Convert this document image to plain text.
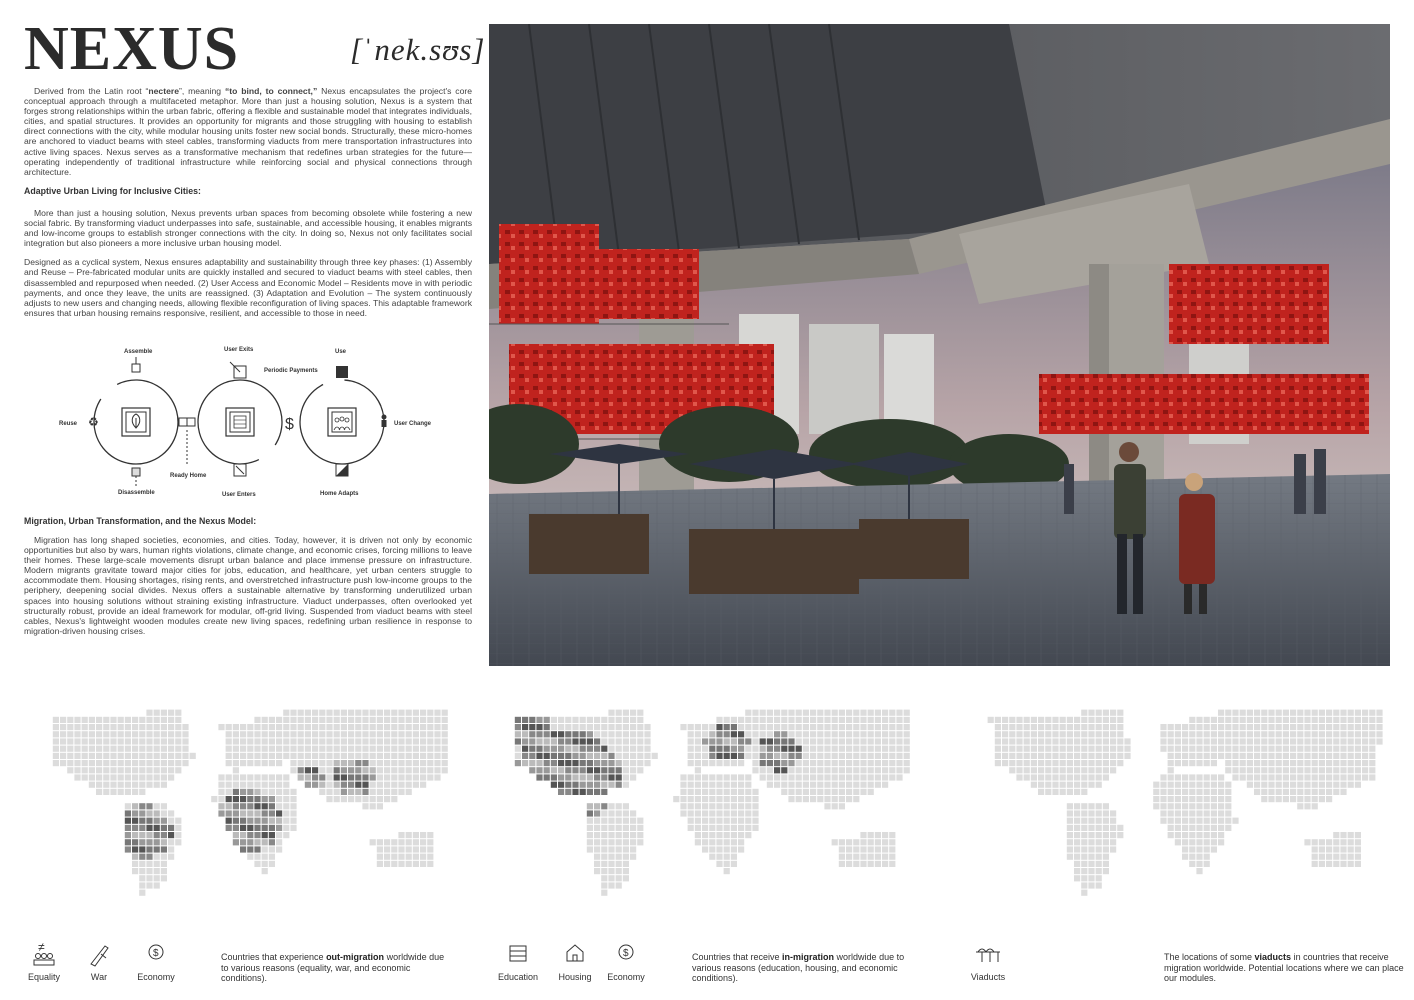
NEXUS	[ˈnek.sʊs]

Derived from the Latin root “nectere”, meaning “to bind, to connect,” Nexus encapsulates the project's core conceptual approach through a multifaceted metaphor. More than just a housing solution, Nexus is a system that forges strong relationships within the urban fabric, offering a flexible and sustainable model that integrates individuals, cities, and spatial structures. It provides an opportunity for migrants and those struggling with housing to establish direct connections with the city, while modular housing units foster new social bonds. Structurally, these micro-homes are anchored to viaduct beams with steel cables, transforming viaducts from mere transportation infrastructures into active living spaces. Nexus serves as a transformative mechanism that redefines urban strategies for the future—operating independently of traditional infrastructure while reinforcing social and physical connections through architecture.

Adaptive Urban Living for Inclusive Cities:

More than just a housing solution, Nexus prevents urban spaces from becoming obsolete while fostering a new social fabric. By transforming viaduct underpasses into safe, sustainable, and accessible housing, it enables migrants and low-income groups to establish stronger connections with the city. In doing so, Nexus not only facilitates social integration but also pioneers a more inclusive urban housing model.

Designed as a cyclical system, Nexus ensures adaptability and sustainability through three key phases: (1) Assembly and Reuse – Pre-fabricated modular units are quickly installed and secured to viaduct beams with steel cables, then disassembled and repurposed when needed. (2) User Access and Economic Model – Residents move in with periodic payments, and once they leave, the units are reassigned. (3) Adaptation and Evolution – The system continuously adjusts to new users and changing needs, allowing flexible reconfiguration of living spaces. This adaptable framework ensures that urban housing remains responsive, resilient, and accessible to those in need.

Assemble
Reuse ♻
Disassemble
Ready Home
User Exits
Periodic Payments
User Enters
$
Use
User Change
Home Adapts
Migration, Urban Transformation, and the Nexus Model:
Migration has long shaped societies, economies, and cities. Today, however, it is driven not only by economic opportunities but also by wars, human rights violations, climate change, and economic crises, forcing millions to leave their homes. These large-scale movements disrupt urban balance and place immense pressure on infrastructure. Modern migrants gravitate toward major cities for jobs, education, and healthcare, yet urban centers struggle to accommodate them. Housing shortages, rising rents, and overstretched infrastructure push low-income groups to the periphery, deepening social divides. Nexus offers a sustainable alternative by transforming underutilized urban spaces into housing solutions without straining existing infrastructure. Viaduct underpasses, often overlooked yet structurally robust, provide an ideal framework for modular, off-grid living. Suspended from viaduct beams with steel cables, Nexus's lightweight wooden modules create new living spaces, redefining urban resilience in response to migration-driven housing crises.
≠
Equality	War
$
Economy
Countries that experience out-migration worldwide due to various reasons (equality, war, and economic conditions).	Education	Housing
$
Economy
Countries that receive in-migration worldwide due to various reasons (education, housing, and economic conditions).	Viaducts
The locations of some viaducts in countries that receive migration worldwide. Potential locations where we can place our modules.
